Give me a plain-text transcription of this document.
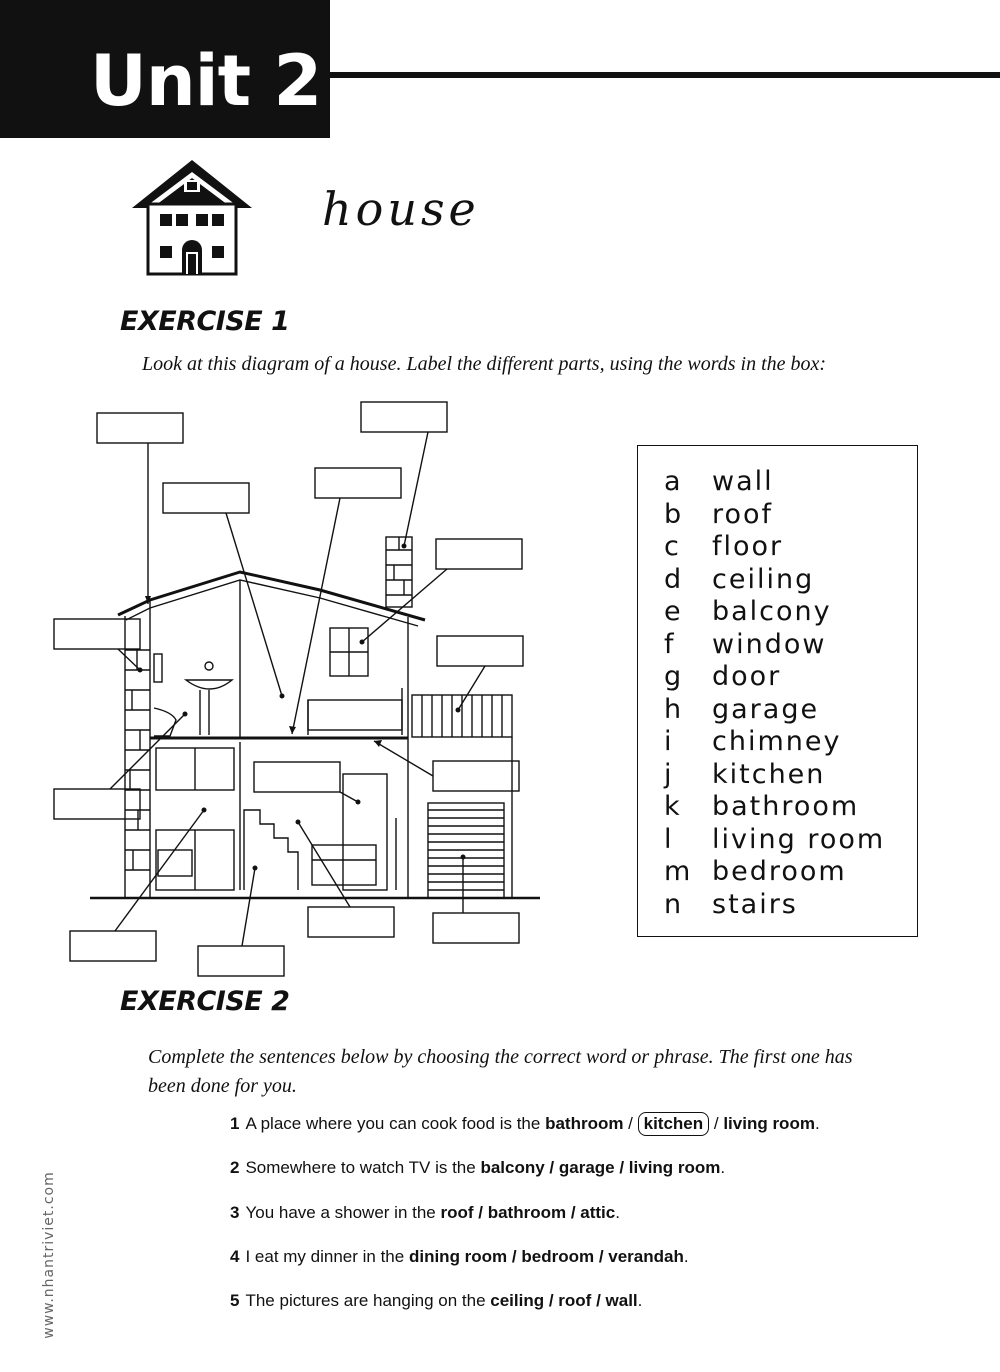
Unit 2
house
EXERCISE 1
Look at this diagram of a house. Label the different parts, using the words in the box:
a wall
b roof
c floor
d ceiling
e balcony
f window
g door
h garage
i chimney
j kitchen
k bathroom
l living room
m bedroom
n stairs
EXERCISE 2
Complete the sentences below by choosing the correct word or phrase. The first one has
been done for you.
1 A place where you can cook food is the bathroom / kitchen / living room.
2 Somewhere to watch TV is the balcony / garage / living room.
3 You have a shower in the roof / bathroom / attic.
4 I eat my dinner in the dining room / bedroom / verandah.
5 The pictures are hanging on the ceiling / roof / wall.
www.nhantriviet.com
